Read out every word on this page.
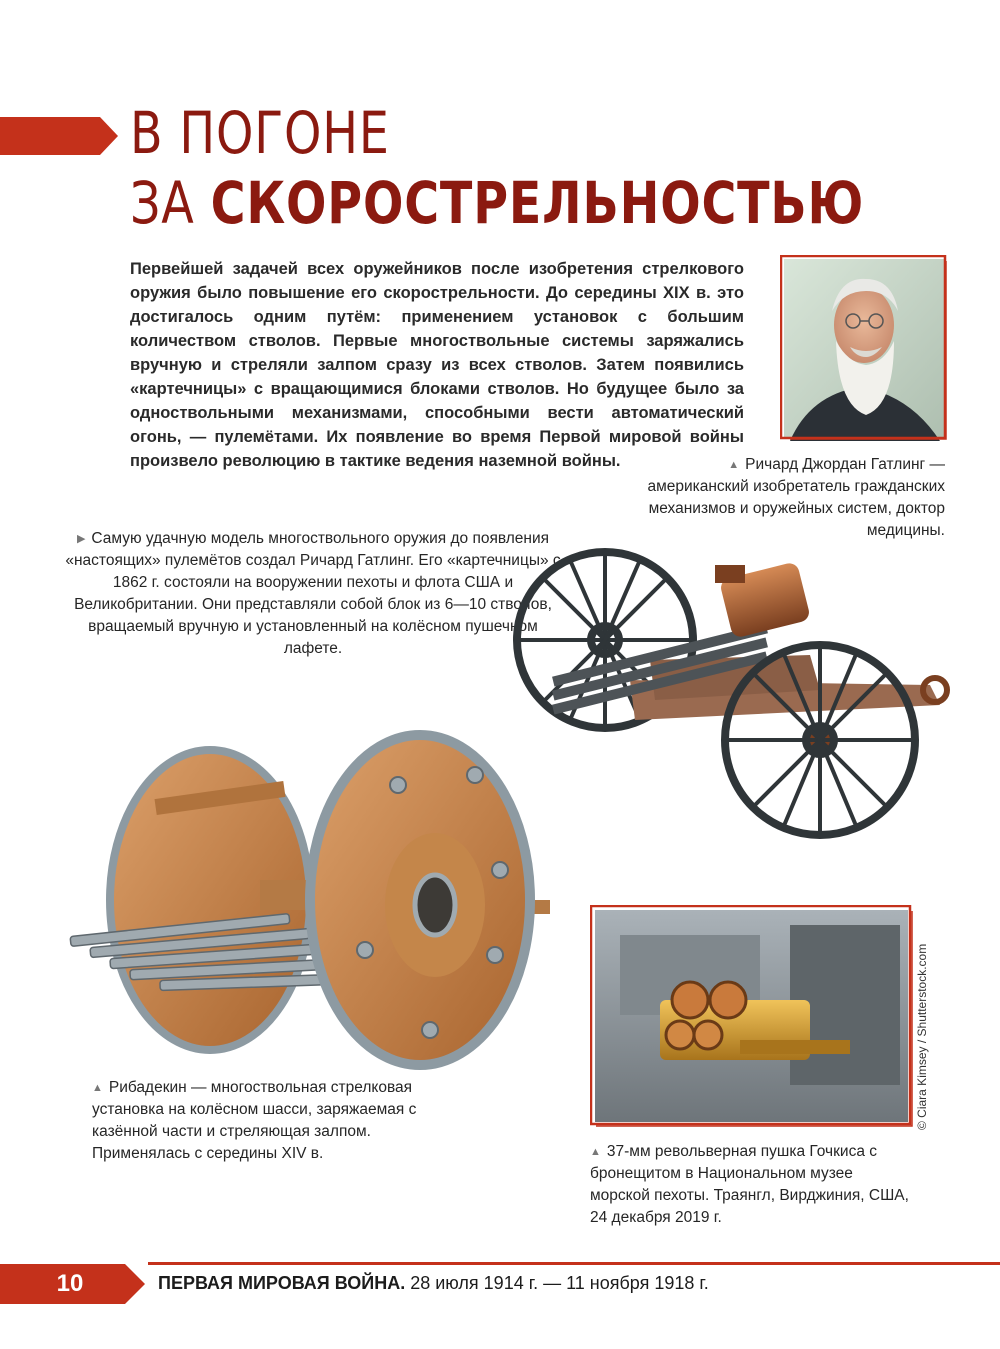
В ПОГОНЕ
ЗА СКОРОСТРЕЛЬНОСТЬЮ
Первейшей задачей всех оружейников после изобретения стрелкового оружия было повышение его скорострельности. До середины XIX в. это достигалось одним путём: применением установок с большим количеством стволов. Первые многоствольные системы заряжались вручную и стреляли залпом сразу из всех стволов. Затем появились «картечницы» с вращающимися блоками стволов. Но будущее было за одноствольными механизмами, способными вести автоматический огонь, — пулемётами. Их появление во время Первой мировой войны произвело революцию в тактике ведения наземной войны.	▲ Ричард Джордан Гатлинг — американский изобретатель гражданских механизмов и оружейных систем, доктор медицины.
▶ Самую удачную модель многоствольного оружия до появления «настоящих» пулемётов создал Ричард Гатлинг. Его «картечницы» с 1862 г. состояли на вооружении пехоты и флота США и Великобритании. Они представляли собой блок из 6—10 стволов, вращаемый вручную и установленный на колёсном пушечном лафете.
▲ Рибадекин — многоствольная стрелковая установка на колёсном шасси, заряжаемая с казённой части и стреляющая залпом. Применялась с середины XIV в.
© Ciara Kimsey / Shutterstock.com
▲ 37-мм револьверная пушка Гочкиса с бронещитом в Национальном музее морской пехоты. Траянгл, Вирджиния, США, 24 декабря 2019 г.
10	ПЕРВАЯ МИРОВАЯ ВОЙНА. 28 июля 1914 г. — 11 ноября 1918 г.
